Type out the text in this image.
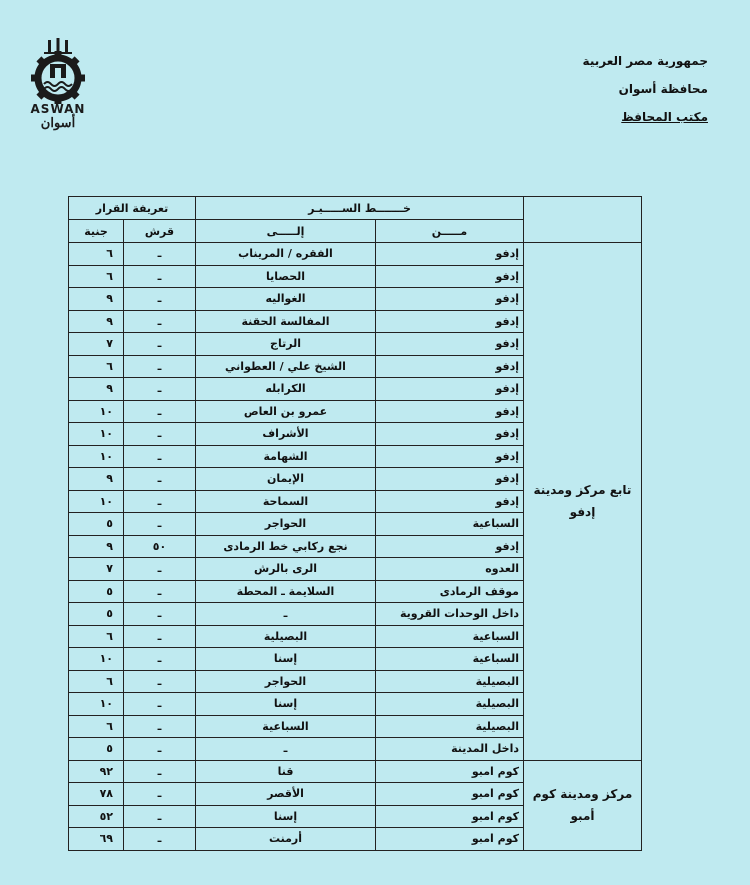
ASWAN
أسوان
جمهورية مصر العربية
محافظة أسوان
مكتب المحافظ
	خـــــــط الســـــيـر		تعريفة القرار	
	مـــــن	إلـــــى	قرش	جنية
تابع مركز ومدينة إدفو	إدفو	الفقره / المريناب	ـ	٦
	إدفو	الحصايا	ـ	٦
	إدفو	الغواليه	ـ	٩
	إدفو	المفالسة الحقنة	ـ	٩
	إدفو	الرتاج	ـ	٧
	إدفو	الشيخ علي / العطواني	ـ	٦
	إدفو	الكرابله	ـ	٩
	إدفو	عمرو بن العاص	ـ	١٠
	إدفو	الأشراف	ـ	١٠
	إدفو	الشهامة	ـ	١٠
	إدفو	الإيمان	ـ	٩
	إدفو	السماحة	ـ	١٠
	السباعية	الحواجر	ـ	٥
	إدفو	نجع ركابي خط الرمادى	٥٠	٩
	العدوه	الرى بالرش	ـ	٧
	موقف الرمادى	السلايمة ـ المحطة	ـ	٥
	داخل الوحدات القروية	ـ	ـ	٥
	السباعية	البصيلية	ـ	٦
	السباعية	إسنا	ـ	١٠
	البصيلية	الحواجر	ـ	٦
	البصيلية	إسنا	ـ	١٠
	البصيلية	السباعية	ـ	٦
	داخل المدينة	ـ	ـ	٥
مركز ومدينة كوم أمبو	كوم امبو	قنا	ـ	٩٢
	كوم امبو	الأقصر	ـ	٧٨
	كوم امبو	إسنا	ـ	٥٢
	كوم امبو	أرمنت	ـ	٦٩
